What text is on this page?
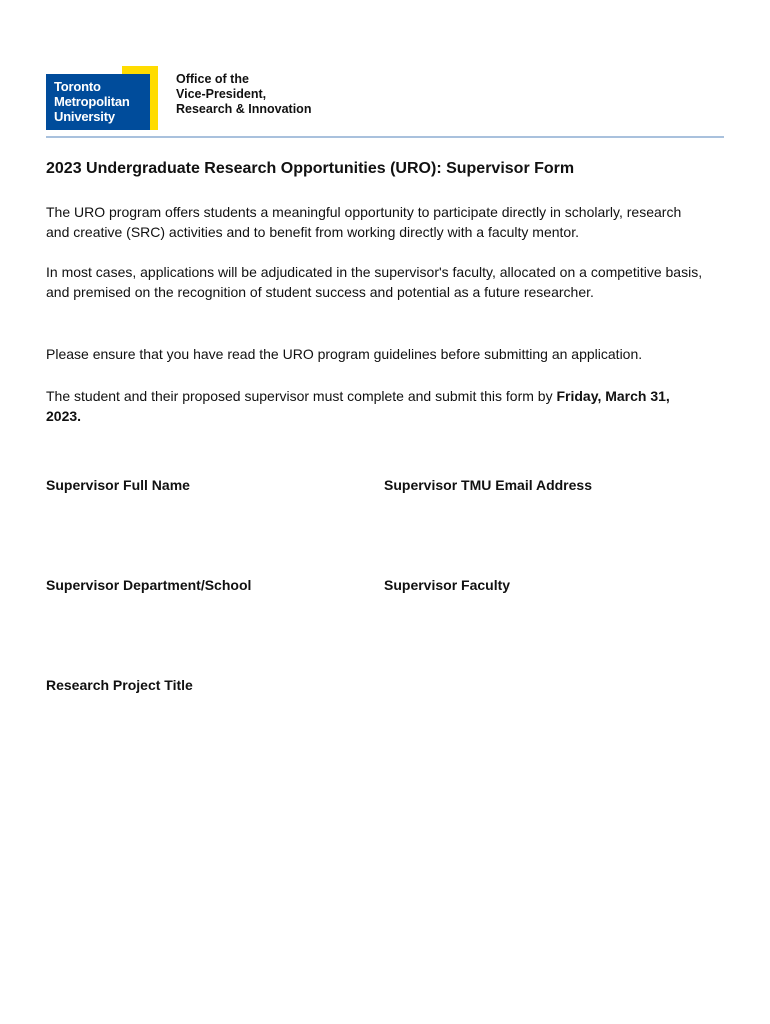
Toronto
Metropolitan
University
Office of the
Vice-President,
Research & Innovation
2023 Undergraduate Research Opportunities (URO): Supervisor Form

The URO program offers students a meaningful opportunity to participate directly in scholarly, research and creative (SRC) activities and to benefit from working directly with a faculty mentor.

In most cases, applications will be adjudicated in the supervisor's faculty, allocated on a competitive basis, and premised on the recognition of student success and potential as a future researcher.

Please ensure that you have read the URO program guidelines before submitting an application.

The student and their proposed supervisor must complete and submit this form by Friday, March 31, 2023.

Supervisor Full Name	Supervisor TMU Email Address
Supervisor Department/School	Supervisor Faculty
Research Project Title
